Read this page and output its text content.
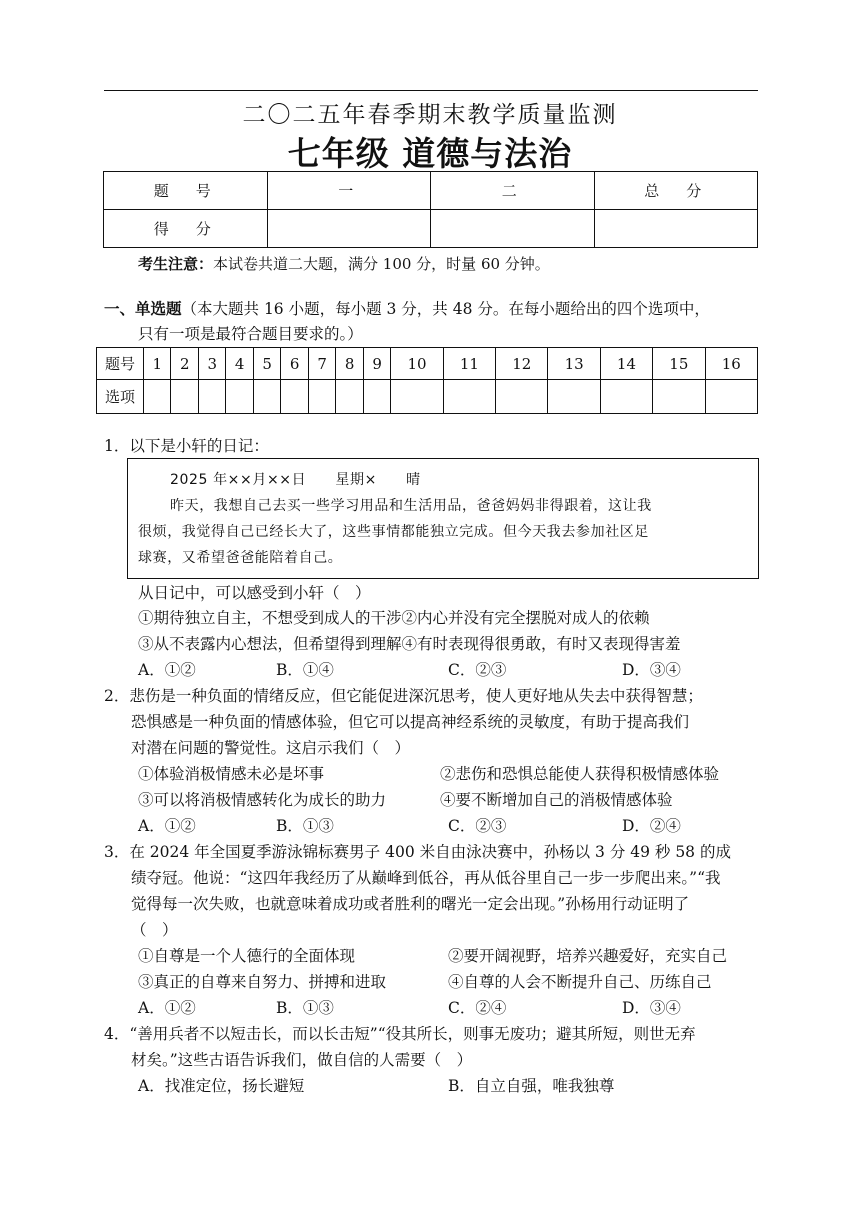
二〇二五年春季期末教学质量监测
七年级 道德与法治
题　号	一	二	总　分
得　分			
考生注意：本试卷共道二大题，满分 100 分，时量 60 分钟。
一、单选题（本大题共 16 小题，每小题 3 分，共 48 分。在每小题给出的四个选项中，
只有一项是最符合题目要求的。）
题号	1	2	3	4	5	6	7	8	9	10	11	12	13	14	15	16
选项																
1．以下是小轩的日记：
2025 年××月××日　　星期×　　晴
昨天，我想自己去买一些学习用品和生活用品，爸爸妈妈非得跟着，这让我
很烦，我觉得自己已经长大了，这些事情都能独立完成。但今天我去参加社区足
球赛，又希望爸爸能陪着自己。
从日记中，可以感受到小轩（　）
①期待独立自主，不想受到成人的干涉②内心并没有完全摆脱对成人的依赖
③从不表露内心想法，但希望得到理解④有时表现得很勇敢，有时又表现得害羞
A．①②	B．①④	C．②③	D．③④
2．悲伤是一种负面的情绪反应，但它能促进深沉思考，使人更好地从失去中获得智慧；
恐惧感是一种负面的情感体验，但它可以提高神经系统的灵敏度，有助于提高我们
对潜在问题的警觉性。这启示我们（　）
①体验消极情感未必是坏事	②悲伤和恐惧总能使人获得积极情感体验
③可以将消极情感转化为成长的助力	④要不断增加自己的消极情感体验
A．①②	B．①③	C．②③	D．②④
3．在 2024 年全国夏季游泳锦标赛男子 400 米自由泳决赛中，孙杨以 3 分 49 秒 58 的成
绩夺冠。他说：“这四年我经历了从巅峰到低谷，再从低谷里自己一步一步爬出来。”“我
觉得每一次失败，也就意味着成功或者胜利的曙光一定会出现。”孙杨用行动证明了
（　）
①自尊是一个人德行的全面体现	②要开阔视野，培养兴趣爱好，充实自己
③真正的自尊来自努力、拼搏和进取	④自尊的人会不断提升自己、历练自己
A．①②	B．①③	C．②④	D．③④
4．“善用兵者不以短击长，而以长击短”“役其所长，则事无废功；避其所短，则世无弃
材矣。”这些古语告诉我们，做自信的人需要（　）
A．找准定位，扬长避短	B．自立自强，唯我独尊
